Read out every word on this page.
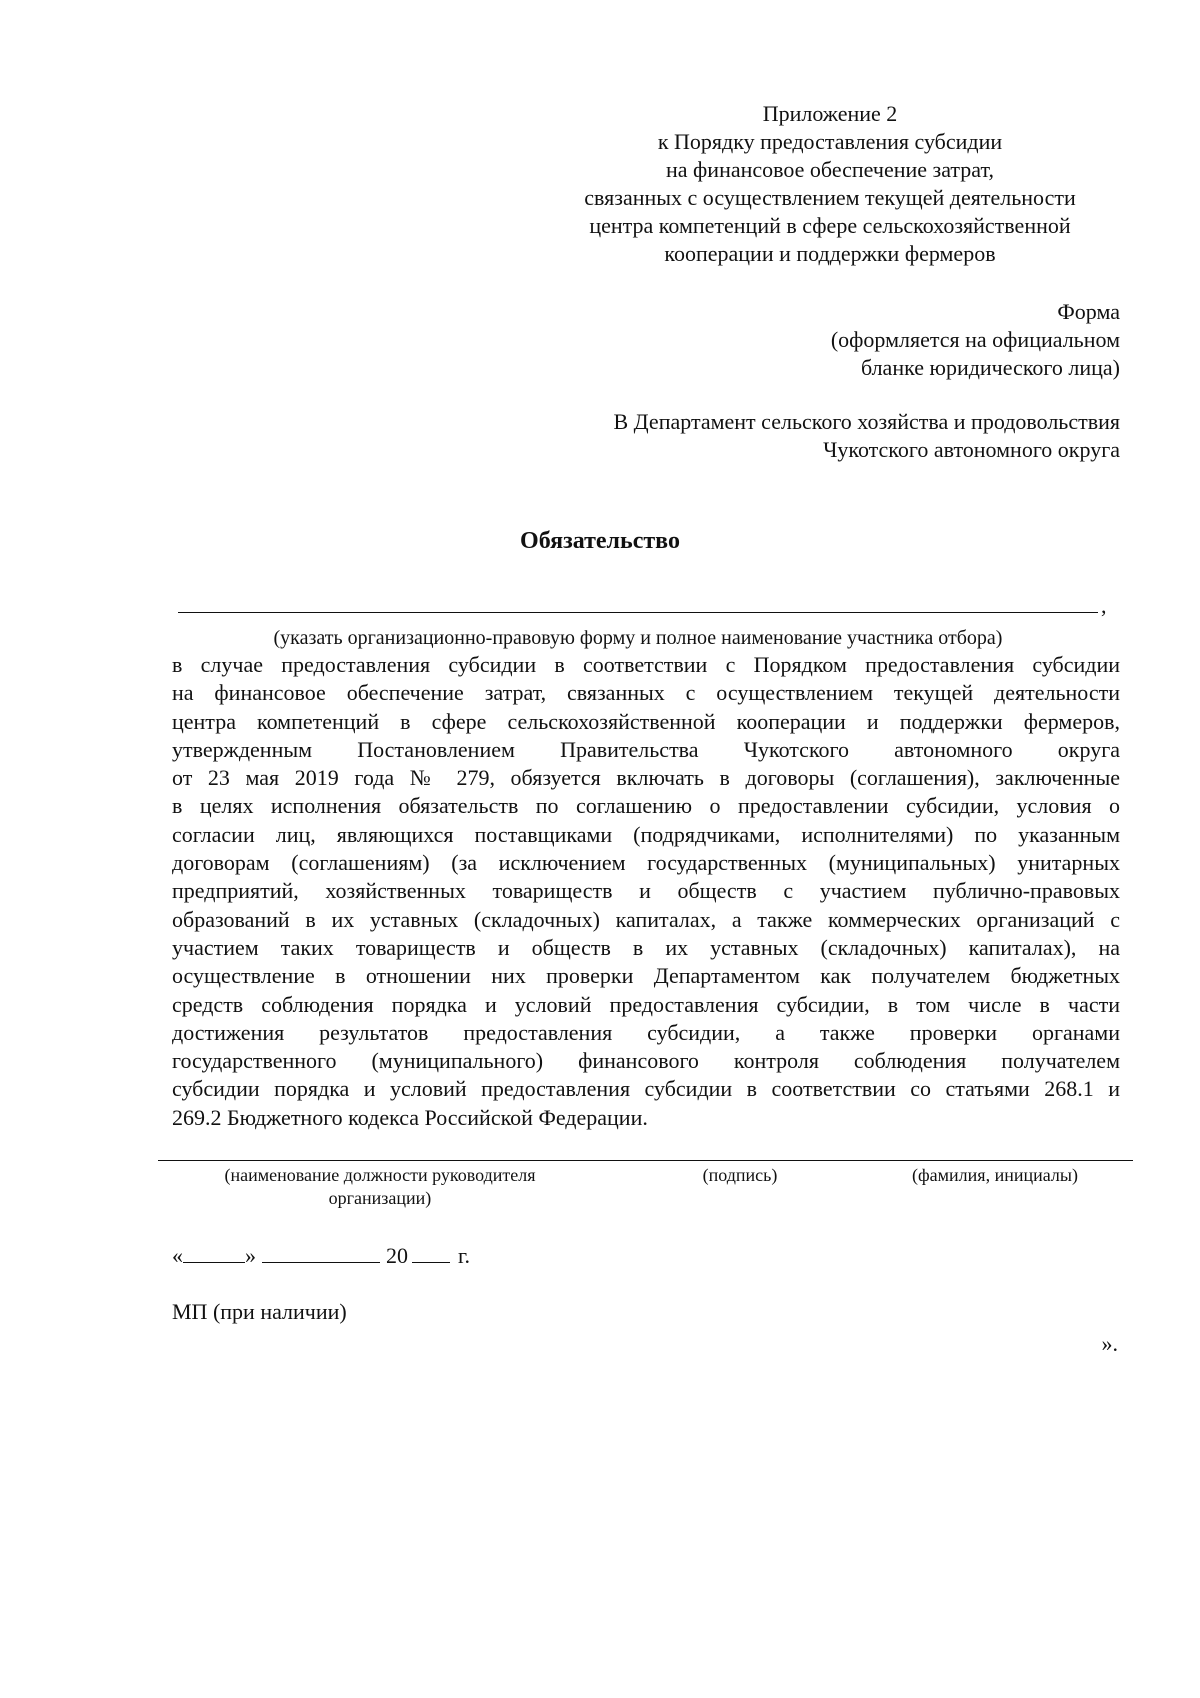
Приложение 2
к Порядку предоставления субсидии
на финансовое обеспечение затрат,
связанных с осуществлением текущей деятельности
центра компетенций в сфере сельскохозяйственной
кооперации и поддержки фермеров
Форма
(оформляется на официальном
бланке юридического лица)
В Департамент сельского хозяйства и продовольствия
Чукотского автономного округа
Обязательство
,
(указать организационно-правовую форму и полное наименование участника отбора)
в случае предоставления субсидии в соответствии с Порядком предоставления субсидии
на финансовое обеспечение затрат, связанных с осуществлением текущей деятельности
центра компетенций в сфере сельскохозяйственной кооперации и поддержки фермеров,
утвержденным Постановлением Правительства Чукотского автономного округа
от 23 мая 2019 года № 279, обязуется включать в договоры (соглашения), заключенные
в целях исполнения обязательств по соглашению о предоставлении субсидии, условия о
согласии лиц, являющихся поставщиками (подрядчиками, исполнителями) по указанным
договорам (соглашениям) (за исключением государственных (муниципальных) унитарных
предприятий, хозяйственных товариществ и обществ с участием публично-правовых
образований в их уставных (складочных) капиталах, а также коммерческих организаций с
участием таких товариществ и обществ в их уставных (складочных) капиталах), на
осуществление в отношении них проверки Департаментом как получателем бюджетных
средств соблюдения порядка и условий предоставления субсидии, в том числе в части
достижения результатов предоставления субсидии, а также проверки органами
государственного (муниципального) финансового контроля соблюдения получателем
субсидии порядка и условий предоставления субсидии в соответствии со статьями 268.1 и
269.2 Бюджетного кодекса Российской Федерации.
(наименование должности руководителя
организации)
(подпись)	(фамилия, инициалы)
«	»	20 г.
МП (при наличии)
».
